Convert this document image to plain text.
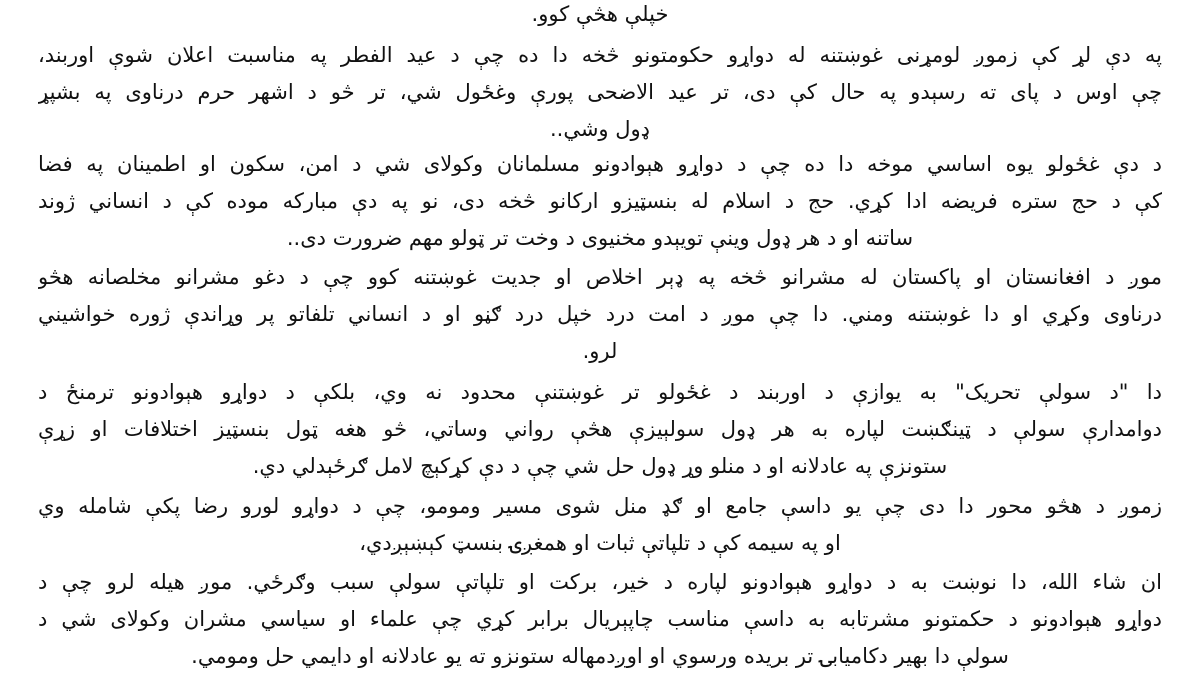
خپلې هڅې کوو.
په دې لړ کې زموږ لومړنی غوښتنه له دواړو حکومتونو څخه دا ده چې د عید الفطر په مناسبت اعلان شوې اوربند،
چې اوس د پای ته رسېدو په حال کې دی، تر عید الاضحی پورې وغځول شي، تر څو د اشهر حرم درناوی په بشپړ
ډول وشي..
د دې غځولو یوه اساسي موخه دا ده چې د دواړو هېوادونو مسلمانان وکولای شي د امن، سکون او اطمینان په فضا
کې د حج ستره فریضه ادا کړي. حج د اسلام له بنسټیزو ارکانو څخه دی، نو په دې مبارکه موده کې د انساني ژوند
ساتنه او د هر ډول وینې تویېدو مخنیوی د وخت تر ټولو مهم ضرورت دی..
موږ د افغانستان او پاکستان له مشرانو څخه په ډېر اخلاص او جدیت غوښتنه کوو چې د دغو مشرانو مخلصانه هڅو
درناوی وکړي او دا غوښتنه ومني. دا چې موږ د امت درد خپل درد ګڼو او د انساني تلفاتو پر وړاندې ژوره خواشیني
لرو.
دا "د سولې تحریک" به یوازې د اوربند د غځولو تر غوښتنې محدود نه وي، بلکې د دواړو هېوادونو ترمنځ د
دوامدارې سولې د ټینګښت لپاره به هر ډول سولېیزې هڅې رواني وساتي، څو هغه ټول بنسټیز اختلافات او زړې
ستونزې په عادلانه او د منلو وړ ډول حل شي چې د دې کړکېچ لامل ګرځېدلي دي.
زموږ د هڅو محور دا دی چې یو داسې جامع او ګډ منل شوی مسیر ومومو، چې د دواړو لورو رضا پکې شامله وي
او په سیمه کې د تلپاتې ثبات او همغږۍ بنسټ کېښېږدي،
ان شاء الله، دا نوښت به د دواړو هېوادونو لپاره د خیر، برکت او تلپاتې سولې سبب وګرځي. موږ هیله لرو چې د
دواړو هېوادونو د حکمتونو مشرتابه به داسې مناسب چاپېریال برابر کړي چې علماء او سیاسي مشران وکولای شي د
سولې دا بهیر دکامیابۍ تر بریده ورسوي او اوږدمهاله ستونزو ته یو عادلانه او دایمي حل ومومي.
